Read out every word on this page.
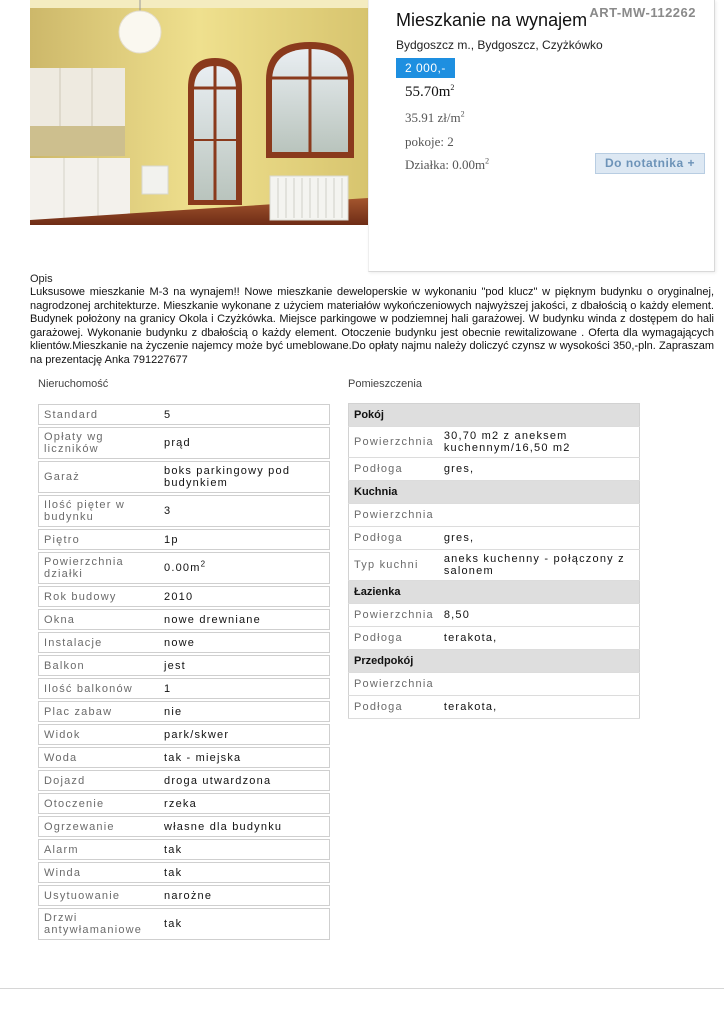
Mieszkanie na wynajem ART-MW-112262
Bydgoszcz m., Bydgoszcz, Czyżkówko
2 000,-
$55.70m^2$
35.91 $zł/m^2$
pokoje: 2
Działka: $0.00m^2$	Do notatnika +
Opis
Luksusowe mieszkanie M-3 na wynajem!! Nowe mieszkanie deweloperskie w wykonaniu "pod klucz" w pięknym budynku o oryginalnej, nagrodzonej architekturze. Mieszkanie wykonane z użyciem materiałów wykończeniowych najwyższej jakości, z dbałością o każdy element. Budynek położony na granicy Okola i Czyżkówka. Miejsce parkingowe w podziemnej hali garażowej. W budynku winda z dostępem do hali garażowej. Wykonanie budynku z dbałością o każdy element. Otoczenie budynku jest obecnie rewitalizowane . Oferta dla wymagających klientów.Mieszkanie na życzenie najemcy może być umeblowane.Do opłaty najmu należy doliczyć czynsz w wysokości 350,-pln. Zapraszam na prezentację Anka 791227677
Nieruchomość	Pomieszczenia
Standard	5
Opłaty wg liczników	prąd
Garaż	boks parkingowy pod budynkiem
Ilość pięter w budynku	3
Piętro	1p
Powierzchnia działki	$0.00m^2$
Rok budowy	2010
Okna	nowe drewniane
Instalacje	nowe
Balkon	jest
Ilość balkonów	1
Plac zabaw	nie
Widok	park/skwer
Woda	tak - miejska
Dojazd	droga utwardzona
Otoczenie	rzeka
Ogrzewanie	własne dla budynku
Alarm	tak
Winda	tak
Usytuowanie	narożne
Drzwi antywłamaniowe	tak
Pokój	
Powierzchnia	30,70 m2 z aneksem kuchennym/16,50 m2
Podłoga	gres,
Kuchnia	
Powierzchnia	
Podłoga	gres,
Typ kuchni	aneks kuchenny - połączony z salonem
Łazienka	
Powierzchnia	8,50
Podłoga	terakota,
Przedpokój	
Powierzchnia	
Podłoga	terakota,
